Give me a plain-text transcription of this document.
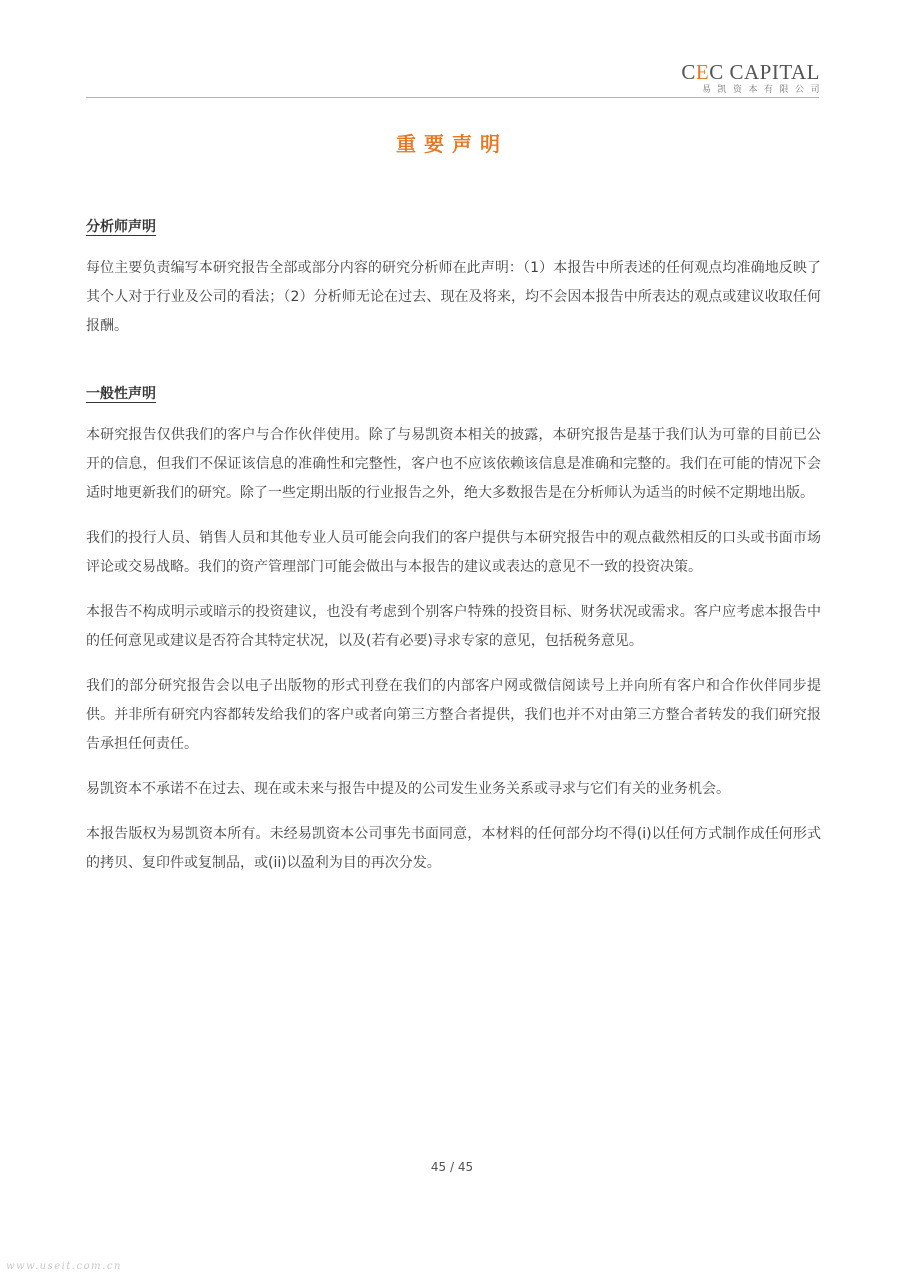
CEC CAPITAL
易凯资本有限公司
重要声明
分析师声明

每位主要负责编写本研究报告全部或部分内容的研究分析师在此声明：（1）本报告中所表述的任何观点均准确地反映了其个人对于行业及公司的看法；（2）分析师无论在过去、现在及将来，均不会因本报告中所表达的观点或建议收取任何报酬。

一般性声明

本研究报告仅供我们的客户与合作伙伴使用。除了与易凯资本相关的披露，本研究报告是基于我们认为可靠的目前已公开的信息，但我们不保证该信息的准确性和完整性，客户也不应该依赖该信息是准确和完整的。我们在可能的情况下会适时地更新我们的研究。除了一些定期出版的行业报告之外，绝大多数报告是在分析师认为适当的时候不定期地出版。

我们的投行人员、销售人员和其他专业人员可能会向我们的客户提供与本研究报告中的观点截然相反的口头或书面市场评论或交易战略。我们的资产管理部门可能会做出与本报告的建议或表达的意见不一致的投资决策。

本报告不构成明示或暗示的投资建议，也没有考虑到个别客户特殊的投资目标、财务状况或需求。客户应考虑本报告中的任何意见或建议是否符合其特定状况，以及(若有必要)寻求专家的意见，包括税务意见。

我们的部分研究报告会以电子出版物的形式刊登在我们的内部客户网或微信阅读号上并向所有客户和合作伙伴同步提供。并非所有研究内容都转发给我们的客户或者向第三方整合者提供，我们也并不对由第三方整合者转发的我们研究报告承担任何责任。

易凯资本不承诺不在过去、现在或未来与报告中提及的公司发生业务关系或寻求与它们有关的业务机会。

本报告版权为易凯资本所有。未经易凯资本公司事先书面同意，本材料的任何部分均不得(i)以任何方式制作成任何形式的拷贝、复印件或复制品，或(ii)以盈利为目的再次分发。

45 / 45
www.useit.com.cn
